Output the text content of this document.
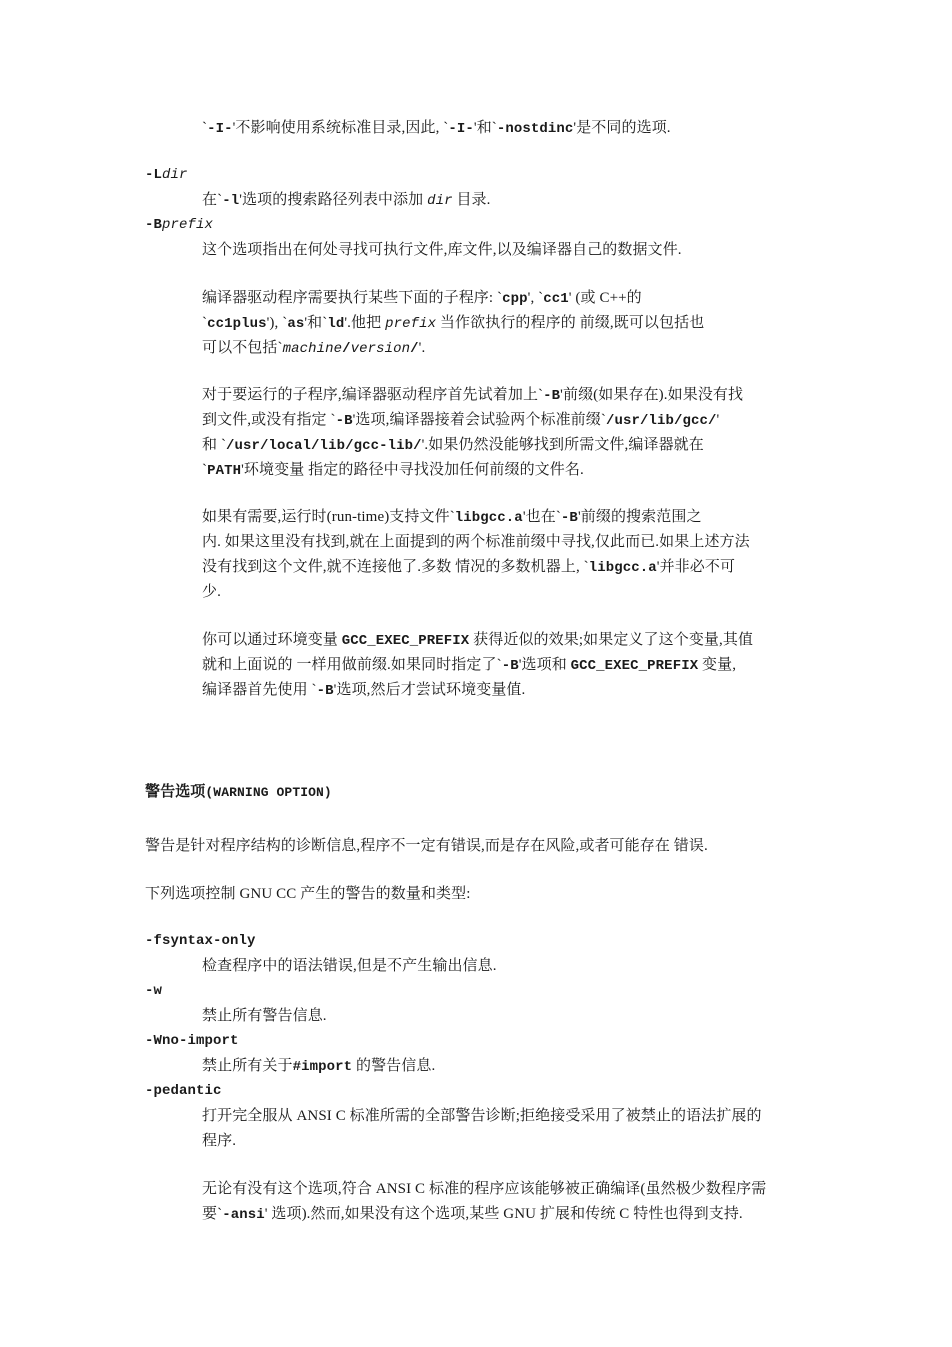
`-I-'不影响使用系统标准目录,因此, `-I-'和`-nostdinc'是不同的选项.
-Ldir
在`-l'选项的搜索路径列表中添加 dir 目录.
-Bprefix
这个选项指出在何处寻找可执行文件,库文件,以及编译器自己的数据文件.
编译器驱动程序需要执行某些下面的子程序: `cpp', `cc1' (或 C++的
`cc1plus'), `as'和`ld'.他把 prefix 当作欲执行的程序的 前缀,既可以包括也
可以不包括`machine/version/'.
对于要运行的子程序,编译器驱动程序首先试着加上`-B'前缀(如果存在).如果没有找
到文件,或没有指定 `-B'选项,编译器接着会试验两个标准前缀`/usr/lib/gcc/'
和 `/usr/local/lib/gcc-lib/'.如果仍然没能够找到所需文件,编译器就在
`PATH'环境变量 指定的路径中寻找没加任何前缀的文件名.
如果有需要,运行时(run-time)支持文件`libgcc.a'也在`-B'前缀的搜索范围之
内. 如果这里没有找到,就在上面提到的两个标准前缀中寻找,仅此而已.如果上述方法
没有找到这个文件,就不连接他了.多数 情况的多数机器上, `libgcc.a'并非必不可
少.
你可以通过环境变量 GCC_EXEC_PREFIX 获得近似的效果;如果定义了这个变量,其值
就和上面说的 一样用做前缀.如果同时指定了`-B'选项和 GCC_EXEC_PREFIX 变量,
编译器首先使用 `-B'选项,然后才尝试环境变量值.
警告选项(WARNING OPTION)
警告是针对程序结构的诊断信息,程序不一定有错误,而是存在风险,或者可能存在 错误.
下列选项控制 GNU CC 产生的警告的数量和类型:
-fsyntax-only
检查程序中的语法错误,但是不产生输出信息.
-w
禁止所有警告信息.
-Wno-import
禁止所有关于#import 的警告信息.
-pedantic
打开完全服从 ANSI C 标准所需的全部警告诊断;拒绝接受采用了被禁止的语法扩展的
程序.
无论有没有这个选项,符合 ANSI C 标准的程序应该能够被正确编译(虽然极少数程序需
要`-ansi' 选项).然而,如果没有这个选项,某些 GNU 扩展和传统 C 特性也得到支持.
